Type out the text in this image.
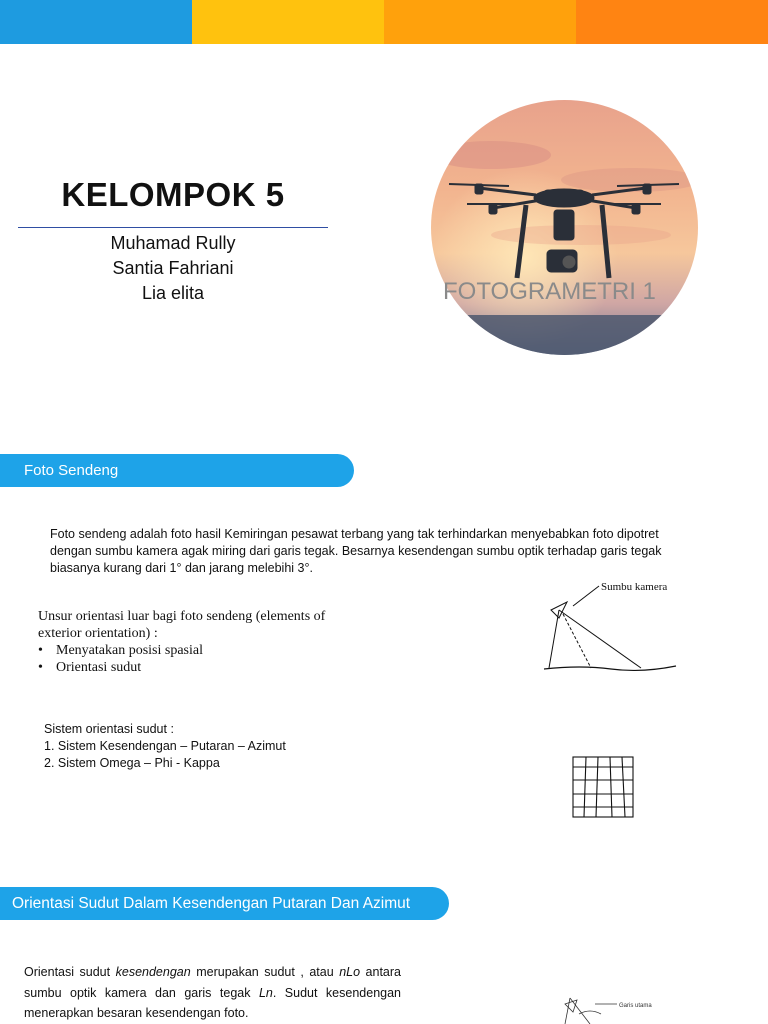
KELOMPOK 5
Muhamad Rully
Santia Fahriani
Lia elita	FOTOGRAMETRI 1
Foto Sendeng
Foto sendeng adalah foto hasil Kemiringan pesawat terbang yang tak terhindarkan menyebabkan foto dipotret dengan sumbu kamera agak miring dari garis tegak. Besarnya kesendengan sumbu optik terhadap garis tegak biasanya kurang dari 1° dan jarang melebihi 3°.
Unsur orientasi luar bagi foto sendeng (elements of exterior orientation) :
• Menyatakan posisi spasial
• Orientasi sudut
Sistem orientasi sudut :
1. Sistem Kesendengan – Putaran – Azimut
2. Sistem Omega – Phi - Kappa
Sumbu kamera
Orientasi Sudut Dalam Kesendengan Putaran Dan Azimut
Orientasi sudut kesendengan merupakan sudut , atau nLo antara sumbu optik kamera dan garis tegak Ln. Sudut kesendengan menerapkan besaran kesendengan foto.	Garis utama
